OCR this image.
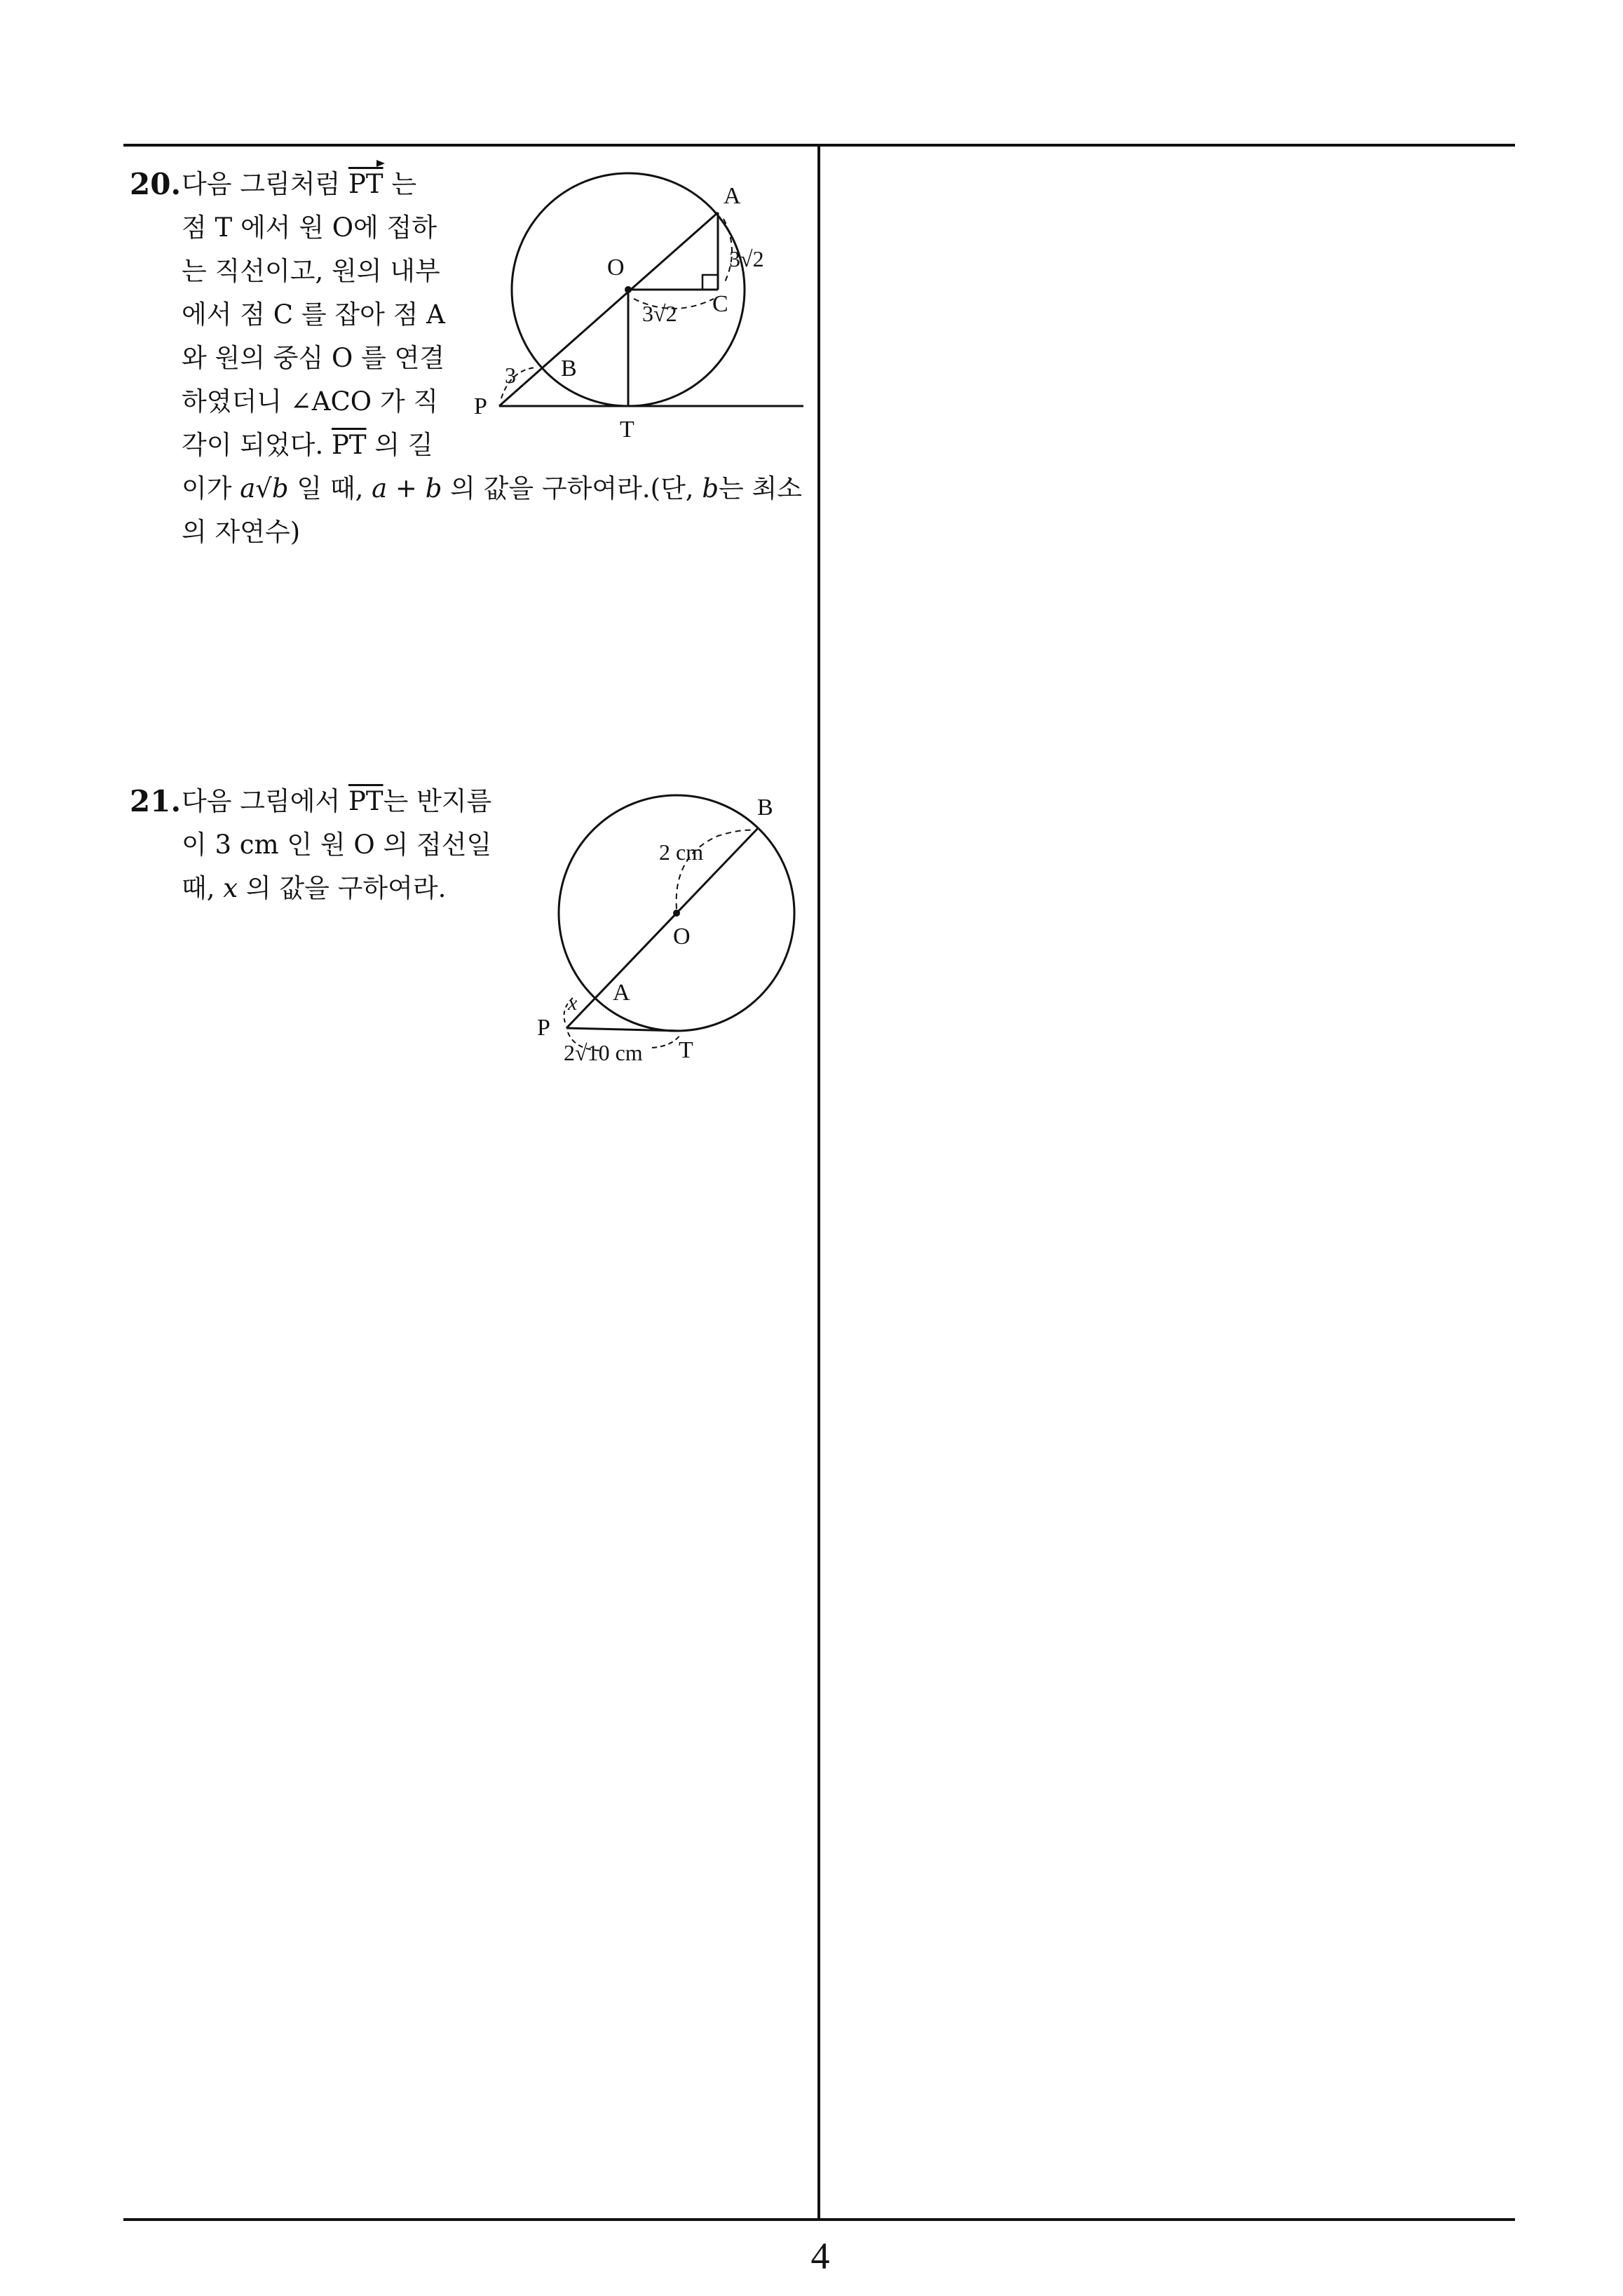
20. 다음 그림처럼 $\overline{PT}$ 는
점 T 에서 원 O에 접하
는 직선이고, 원의 내부
에서 점 C 를 잡아 점 A
와 원의 중심 O 를 연결
하였더니 ∠ACO 가 직
각이 되었다. $\overline{PT}$ 의 길
이가 a√b 일 때, a + b 의 값을 구하여라.(단, b는 최소
의 자연수)
A
O
C
B
P
T
3√2
3√2
3
21. 다음 그림에서 $\overline{PT}$는 반지름
이 3 cm 인 원 O 의 접선일
때, x 의 값을 구하여라.
B
2 cm
O
A
x
P
2√10 cm T
4
